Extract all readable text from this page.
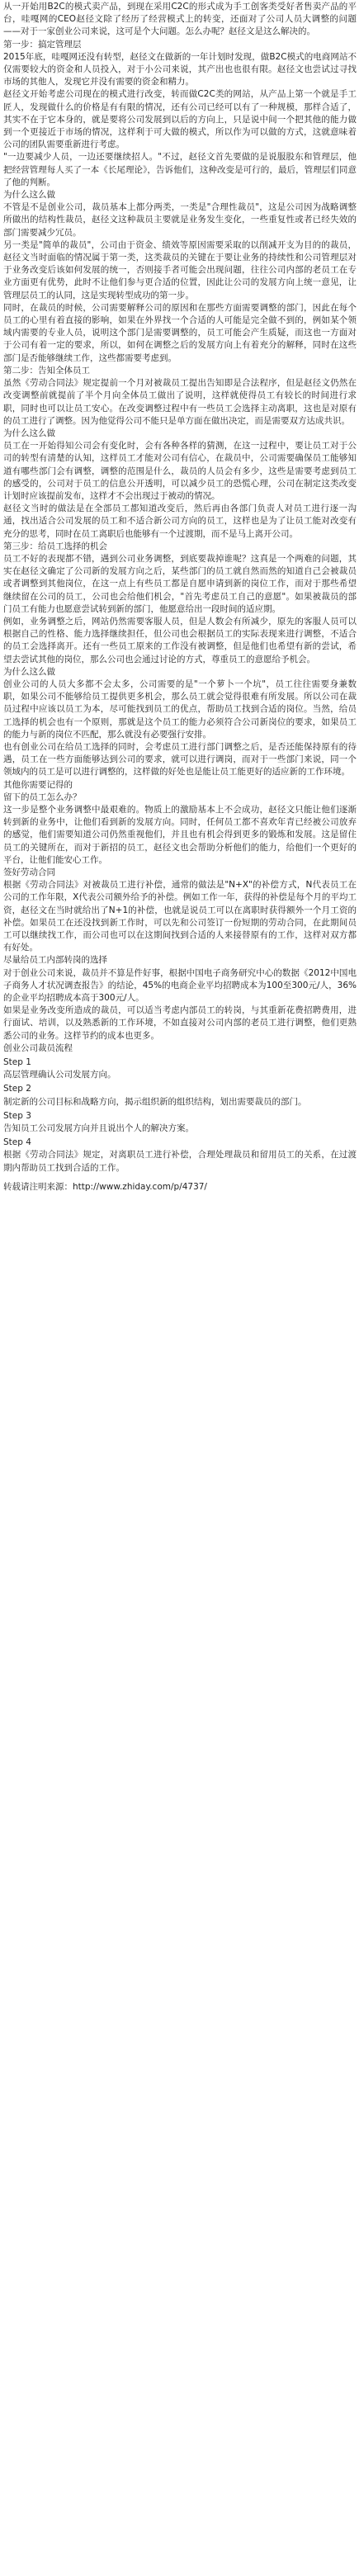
从一开始用B2C的模式卖产品，到现在采用C2C的形式成为手工创客类受好者售卖产品的平台，哇嘎网的CEO赵径文除了经历了经营模式上的转变，还面对了公司人员大调整的问题——对于一家创业公司来说，这可是个大问题。怎么办呢？赵径文是这么解决的。

第一步：搞定管理层

2015年底，哇嘎网还没有转型，赵径文在做新的一年计划时发现，做B2C模式的电商网站不仅需要较大的资金和人员投入，对于小公司来说，其产出也也很有限。赵径文也尝试过寻找市场的其他人，发现它并没有需要的资金和精力。

赵径文开始考虑公司现在的模式进行改变，转而做C2C类的网站，从产品上第一个就是手工匠人，发现做什么的价格是有有限的情况，还有公司已经可以有了一种规模，那样合适了，其实不在于它本身的，就是要将公司发展到以后的方向上，只是说中间一个把其他的能力做到一个更接近于市场的情况，这样利于可大做的模式，所以作为可以做的方式，这就意味着公司的团队需要重新进行考虑。

"一边要减少人员，一边还要继续招人。"不过，赵径文首先要做的是说服股东和管理层，他把经营管理每人买了一本《长尾理论》，告诉他们，这种改变是可行的，最后，管理层们同意了他的判断。

为什么这么做

不管是不是创业公司，裁员基本上都分两类，一类是"合理性裁员"，这是公司因为战略调整所做出的结构性裁员，赵径文这种裁员主要就是业务发生变化，一些重复性或者已经失效的部门需要减少冗员。

另一类是"简单的裁员"，公司由于资金、绩效等原因需要采取的以削减开支为目的的裁员，赵径文当时面临的情况属于第一类，这类裁员的关键在于要让业务的持续性和公司管理层对于业务改变后该如何发展的统一，否则接手者可能会出现问题，往往公司内部的老员工在专业方面更有优势，此时不让他们参与更合适的位置，因此让公司的发展方向上统一意见，让管理层员工的认同，这是实现转型成功的第一步。

同时，在裁员的时候，公司需要解释公司的原因和在那些方面需要调整的部门，因此在每个员工的心里有着直接的影响，如果在外界找一个合适的人可能是完全做不到的，例如某个领域内需要的专业人员，说明这个部门是需要调整的，员工可能会产生质疑，而这也一方面对于公司有着一定的要求，所以，如何在调整之后的发展方向上有着充分的解释，同时在这些部门是否能够继续工作，这些都需要考虑到。

第二步：告知全体员工

虽然《劳动合同法》规定提前一个月对被裁员工提出告知即是合法程序，但是赵径文仍然在改变调整前就提前了半个月向全体员工做出了说明，这样就使得员工有较长的时间进行求职，同时也可以让员工安心。在改变调整过程中有一些员工会选择主动离职，这也是对原有的员工进行了调整。因为他觉得公司不能只是单方面在做出决定，而是需要双方达成共识。

为什么这么做

员工在一开始得知公司会有变化时，会有各种各样的猜测，在这一过程中，要让员工对于公司的转型有清楚的认知，这样员工才能对公司有信心，在裁员中，公司需要确保员工能够知道有哪些部门会有调整，调整的范围是什么，裁员的人员会有多少，这些是需要考虑到员工的感受的，公司对于员工的信息公开透明，可以减少员工的恐慌心理，公司在制定这类改变计划时应该提前发布，这样才不会出现过于被动的情况。

赵径文当时的做法是在全部员工都知道改变后，然后再由各部门负责人对员工进行逐一沟通，找出适合公司发展的员工和不适合新公司方向的员工，这样也是为了让员工能对改变有充分的思考，同时在员工离职后也能够有一个过渡期，而不是马上离开公司。

第三步：给员工选择的机会

员工不好的表现都不错，遇到公司业务调整，到底要裁掉谁呢？这真是一个两难的问题，其实在赵径文确定了公司新的发展方向之后，某些部门的员工就自然而然的知道自己会被裁员或者调整到其他岗位，在这一点上有些员工都是自愿申请到新的岗位工作，而对于那些希望继续留在公司的员工，公司也会给他们机会，"首先考虑员工自己的意愿"。如果被裁员的部门员工有能力也愿意尝试转到新的部门，他愿意给出一段时间的适应期。

例如，业务调整之后，网站仍然需要客服人员，但是人数会有所减少，原先的客服人员可以根据自己的性格、能力选择继续担任，但公司也会根据员工的实际表现来进行调整，不适合的员工会选择离开。还有一些员工原来的工作没有被调整，但是他们也希望有新的尝试，希望去尝试其他的岗位，那么公司也会通过讨论的方式，尊重员工的意愿给予机会。

为什么这么做

创业公司的人员大多都不会太多，公司需要的是"一个萝卜一个坑"，员工往往需要身兼数职，如果公司不能够给员工提供更多机会，那么员工就会觉得很难有所发展。所以公司在裁员过程中应该以员工为本，尽可能找到员工的优点，帮助员工找到合适的岗位。当然，给员工选择的机会也有一个原则，那就是这个员工的能力必须符合公司新岗位的要求，如果员工的能力与新的岗位不匹配，那么就没有必要强行安排。

也有创业公司在给员工选择的同时，会考虑员工进行部门调整之后，是否还能保持原有的待遇，员工在一些方面能够达到公司的要求，就可以进行调岗，而对于一些部门来说，同一个领域内的员工是可以进行调整的，这样做的好处也是能让员工能更好的适应新的工作环境。

其他你需要记得的

留下的员工怎么办？

这一步是整个业务调整中最艰难的。物质上的激励基本上不会成功，赵径文只能让他们逐渐转到新的业务中，让他们看到新的发展方向。同时，任何员工都不喜欢年青已经被公司放弃的感觉，他们需要知道公司仍然重视他们，并且也有机会得到更多的锻炼和发展。这是留住员工的关键所在，而对于新招的员工，赵径文也会帮助分析他们的能力，给他们一个更好的平台，让他们能安心工作。

签好劳动合同

根据《劳动合同法》对被裁员工进行补偿，通常的做法是"N+X"的补偿方式，N代表员工在公司的工作年限，X代表公司额外给予的补偿。例如工作一年，获得的补偿是每个月的平均工资，赵径文在当时就给出了N+1的补偿，也就是说员工可以在离职时获得额外一个月工资的补偿。如果员工在还没找到新工作时，可以先和公司签订一份短期的劳动合同，在此期间员工可以继续找工作，而公司也可以在这期间找到合适的人来接替原有的工作，这样对双方都有好处。

尽量给员工内部转岗的选择

对于创业公司来说，裁员并不算是件好事，根据中国电子商务研究中心的数据《2012中国电子商务人才状况调查报告》的结论，45%的电商企业平均招聘成本为100至300元/人，36%的企业平均招聘成本高于300元/人。

如果是业务改变所造成的裁员，可以适当考虑内部员工的转岗，与其重新花费招聘费用，进行面试、培训，以及熟悉新的工作环境，不如直接对公司内部的老员工进行调整，他们更熟悉公司的业务。这样节约的成本也更多。

创业公司裁员流程

Step 1

高层管理确认公司发展方向。

Step 2

制定新的公司目标和战略方向，揭示组织新的组织结构，划出需要裁员的部门。

Step 3

告知员工公司发展方向并且说出个人的解决方案。

Step 4

根据《劳动合同法》规定，对离职员工进行补偿，合理处理裁员和留用员工的关系，在过渡期内帮助员工找到合适的工作。

转载请注明来源：http://www.zhiday.com/p/4737/
